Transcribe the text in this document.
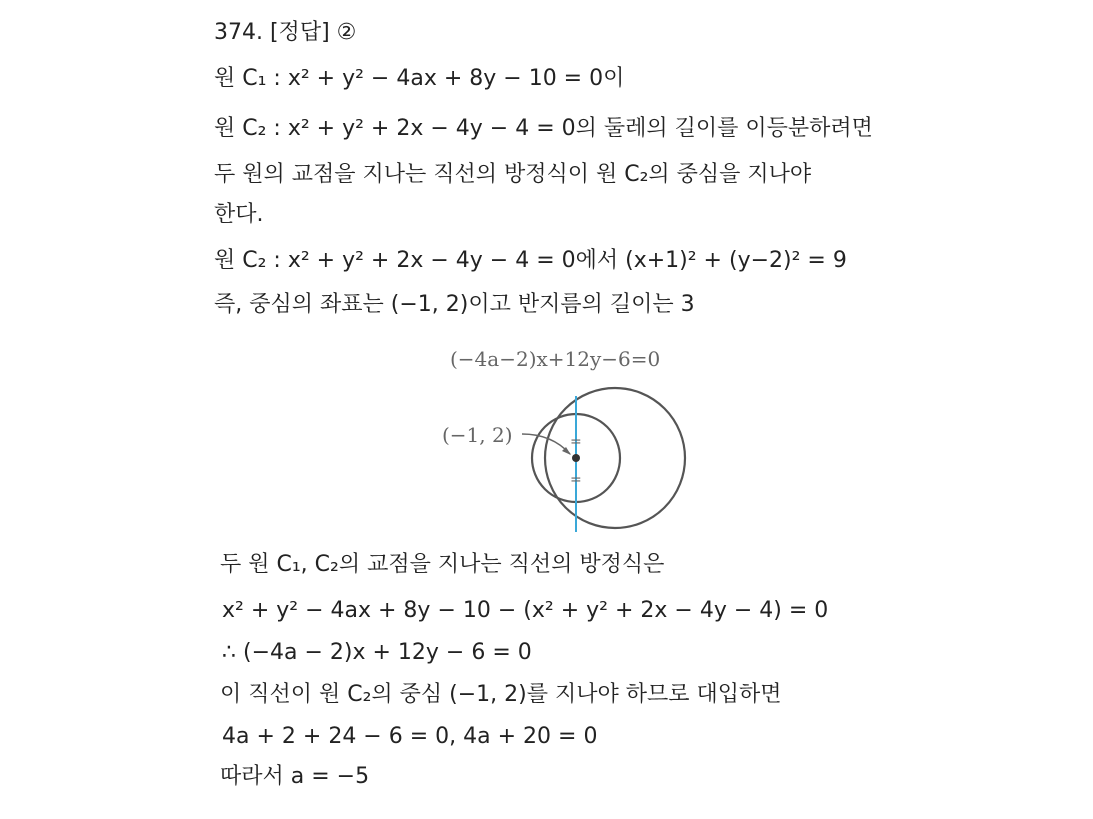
374. [정답] ②
원 C₁ : x² + y² − 4ax + 8y − 10 = 0이
원 C₂ : x² + y² + 2x − 4y − 4 = 0의 둘레의 길이를 이등분하려면
두 원의 교점을 지나는 직선의 방정식이 원 C₂의 중심을 지나야
한다.
원 C₂ : x² + y² + 2x − 4y − 4 = 0에서 (x+1)² + (y−2)² = 9
즉, 중심의 좌표는 (−1, 2)이고 반지름의 길이는 3
(−4a−2)x+12y−6=0
=
=
(−1, 2)
두 원 C₁, C₂의 교점을 지나는 직선의 방정식은
x² + y² − 4ax + 8y − 10 − (x² + y² + 2x − 4y − 4) = 0
∴ (−4a − 2)x + 12y − 6 = 0
이 직선이 원 C₂의 중심 (−1, 2)를 지나야 하므로 대입하면
4a + 2 + 24 − 6 = 0, 4a + 20 = 0
따라서 a = −5
